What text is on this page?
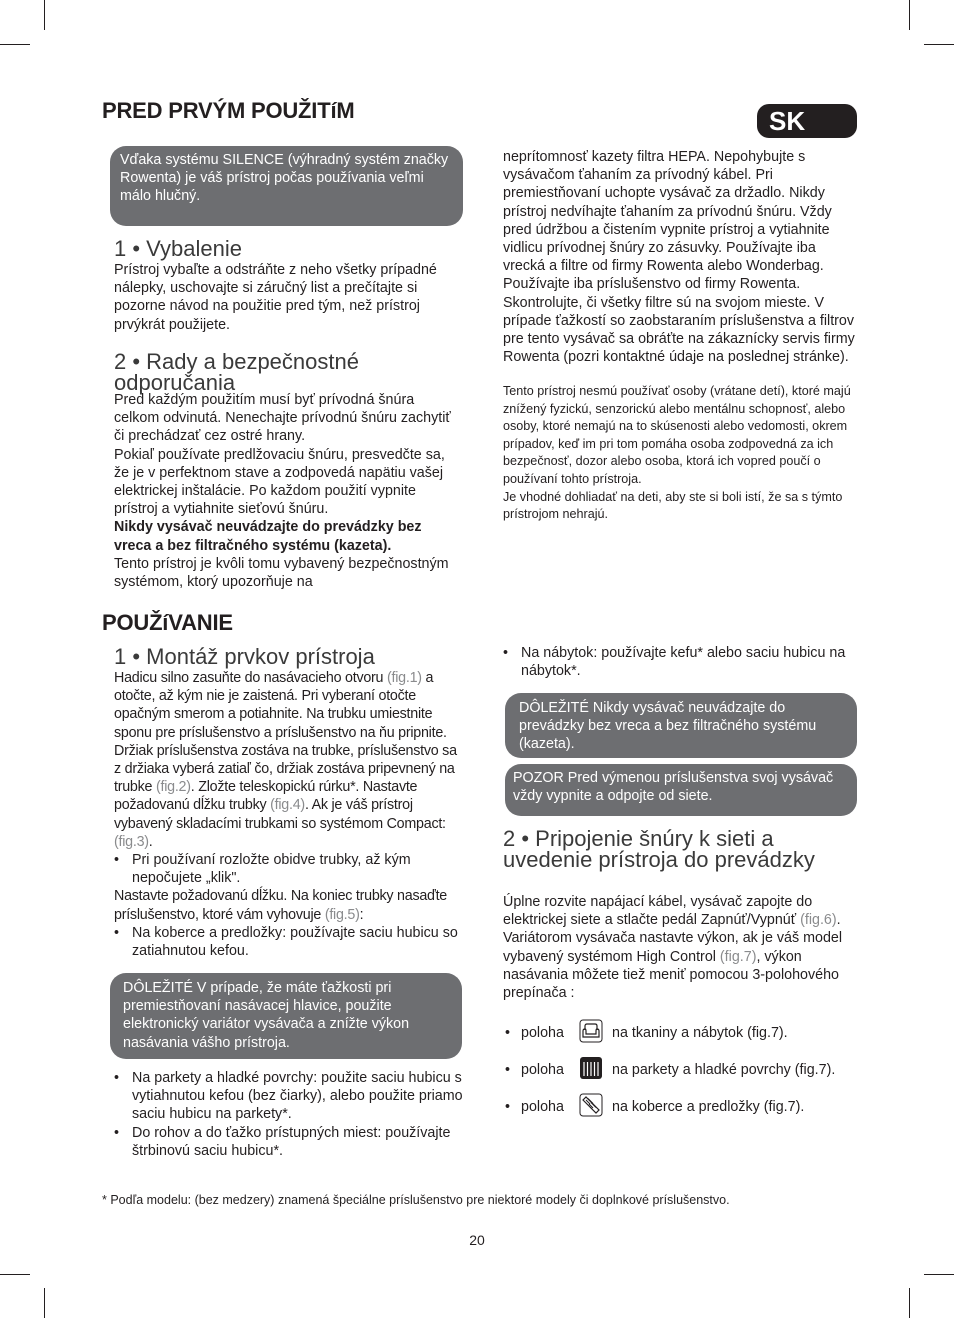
SK
PRED PRVÝM POUŽITíM
Vďaka systému SILENCE (výhradný systém značky Rowenta) je váš prístroj počas používania veľmi málo hlučný.
1 • Vybalenie
Prístroj vybaľte a odstráňte z neho všetky prípadné nálepky, uschovajte si záručný list a prečítajte si pozorne návod na použitie pred tým, než prístroj prvýkrát použijete.
2 • Rady a bezpečnostné odporučania

Pred každým použitím musí byť prívodná šnúra celkom odvinutá. Nenechajte prívodnú šnúru zachytiť či prechádzať cez ostré hrany.

Pokiaľ používate predlžovaciu šnúru, presvedčte sa, že je v perfektnom stave a zodpovedá napätiu vašej elektrickej inštalácie. Po každom použití vypnite prístroj a vytiahnite sieťovú šnúru.

Nikdy vysávač neuvádzajte do prevádzky bez vreca a bez filtračného systému (kazeta).

Tento prístroj je kvôli tomu vybavený bezpečnostným systémom, ktorý upozorňuje na

neprítomnosť kazety filtra HEPA. Nepohybujte s vysávačom ťahaním za prívodný kábel. Pri premiestňovaní uchopte vysávač za držadlo. Nikdy prístroj nedvíhajte ťahaním za prívodnú šnúru. Vždy pred údržbou a čistením vypnite prístroj a vytiahnite vidlicu prívodnej šnúry zo zásuvky. Používajte iba vrecká a filtre od firmy Rowenta alebo Wonderbag. Používajte iba príslušenstvo od firmy Rowenta. Skontrolujte, či všetky filtre sú na svojom mieste. V prípade ťažkostí so zaobstaraním príslušenstva a filtrov pre tento vysávač sa obráťte na zákaznícky servis firmy Rowenta (pozri kontaktné údaje na poslednej stránke).
Tento prístroj nesmú používať osoby (vrátane detí), ktoré majú znížený fyzickú, senzorickú alebo mentálnu schopnosť, alebo osoby, ktoré nemajú na to skúsenosti alebo vedomosti, okrem prípadov, keď im pri tom pomáha osoba zodpovedná za ich bezpečnosť, dozor alebo osoba, ktorá ich vopred poučí o používaní tohto prístroja.
Je vhodné dohliadať na deti, aby ste si boli istí, že sa s týmto prístrojom nehrajú.
POUŽíVANIE
1 • Montáž prvkov prístroja

Hadicu silno zasuňte do nasávacieho otvoru (fig.1) a otočte, až kým nie je zaistená. Pri vyberaní otočte opačným smerom a potiahnite. Na trubku umiestnite sponu pre príslušenstvo a príslušenstvo na ňu pripnite. Držiak príslušenstva zostáva na trubke, príslušenstvo sa z držiaka vyberá zatiaľ čo, držiak zostáva pripevnený na trubke (fig.2). Zložte teleskopickú rúrku*. Nastavte požadovanú dĺžku trubky (fig.4). Ak je váš prístroj vybavený skladacími trubkami so systémom Compact: (fig.3).

• Pri používaní rozložte obidve trubky, až kým nepočujete „klik".

Nastavte požadovanú dĺžku. Na koniec trubky nasaďte príslušenstvo, ktoré vám vyhovuje (fig.5):

• Na koberce a predložky: používajte saciu hubicu so zatiahnutou kefou.

DÔLEŽITÉ V prípade, že máte ťažkosti pri premiestňovaní nasávacej hlavice, použite elektronický variátor vysávača a znížte výkon nasávania vášho prístroja.

• Na parkety a hladké povrchy: použite saciu hubicu s vytiahnutou kefou (bez čiarky), alebo použite priamo saciu hubicu na parkety*.

• Do rohov a do ťažko prístupných miest: používajte štrbinovú saciu hubicu*.

• Na nábytok: používajte kefu* alebo saciu hubicu na nábytok*.

DÔLEŽITÉ Nikdy vysávač neuvádzajte do prevádzky bez vreca a bez filtračného systému (kazeta).
POZOR Pred výmenou príslušenstva svoj vysávač vždy vypnite a odpojte od siete.
2 • Pripojenie šnúry k sieti a uvedenie prístroja do prevádzky

Úplne rozvite napájací kábel, vysávač zapojte do elektrickej siete a stlačte pedál Zapnúť/Vypnúť (fig.6). Variátorom vysávača nastavte výkon, ak je váš model vybavený systémom High Control (fig.7), výkon nasávania môžete tiež meniť pomocou 3-polohového prepínača :

• poloha	na tkaniny a nábytok (fig.7).
• poloha	na parkety a hladké povrchy (fig.7).
• poloha	na koberce a predložky (fig.7).
* Podľa modelu: (bez medzery) znamená špeciálne príslušenstvo pre niektoré modely či doplnkové príslušenstvo.
20
